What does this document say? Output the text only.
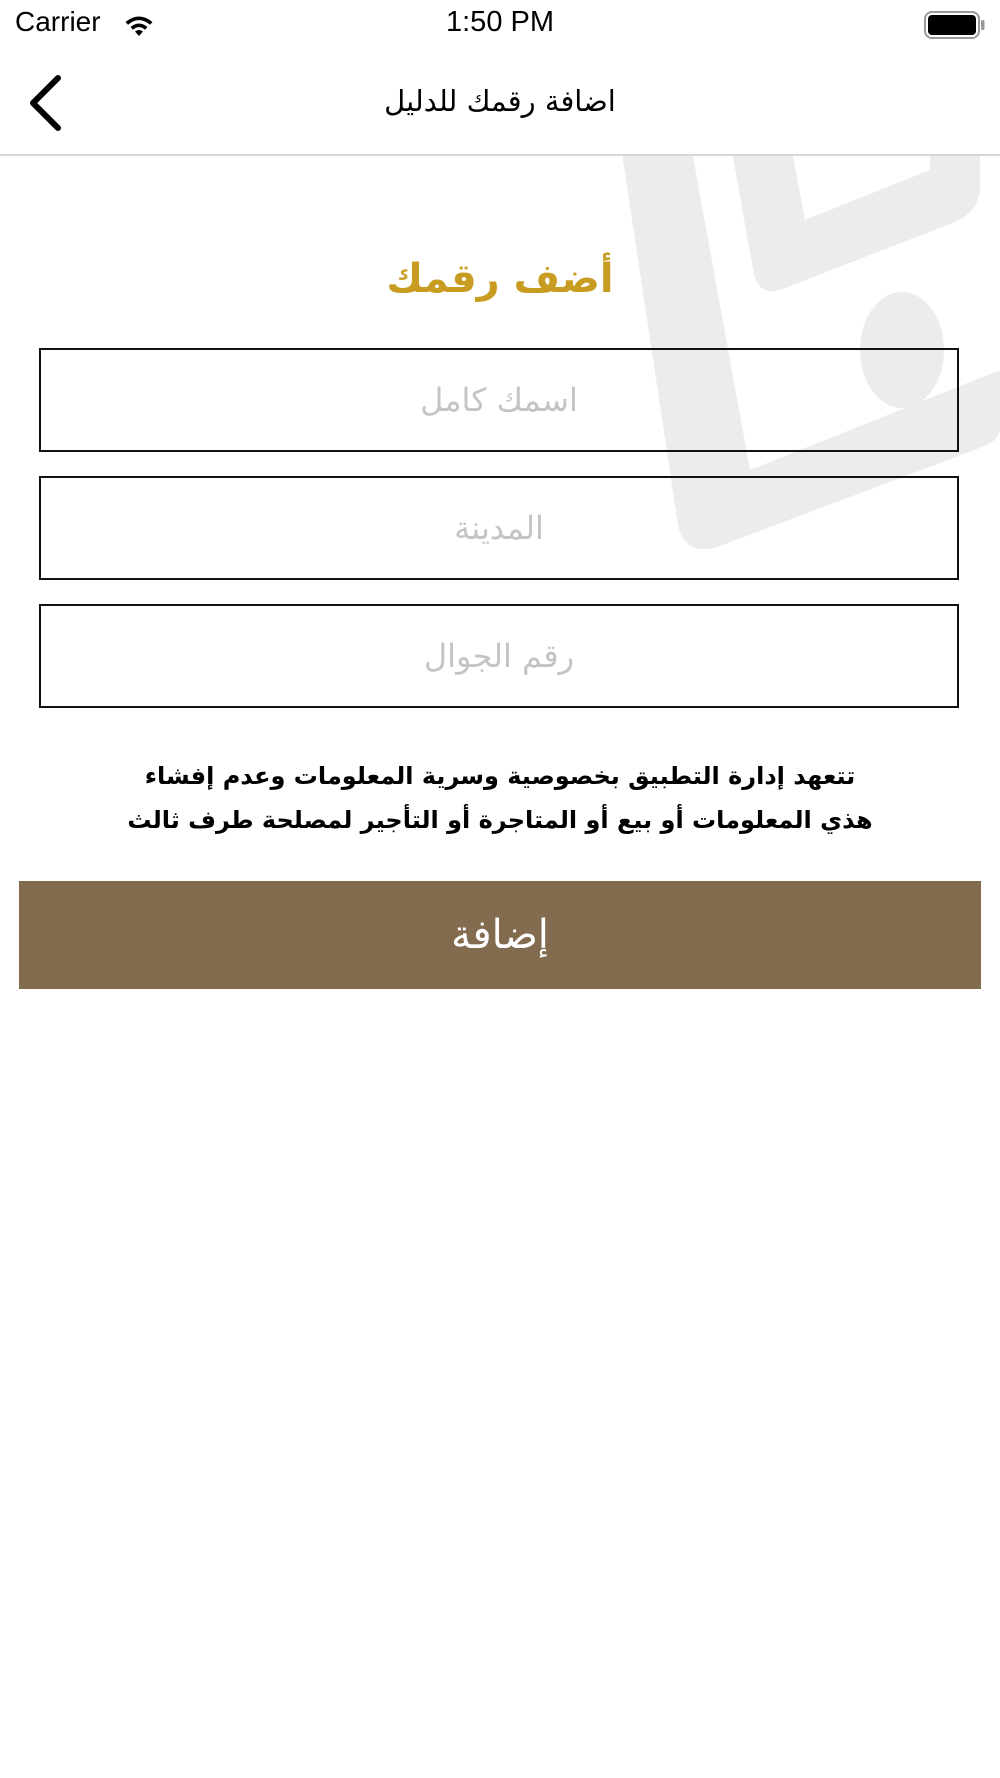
Carrier	1:50 PM
اضافة رقمك للدليل
أضف رقمك
اسمك كامل
المدينة
رقم الجوال
تتعهد إدارة التطبيق بخصوصية وسرية المعلومات وعدم إفشاء
هذي المعلومات أو بيع أو المتاجرة أو التأجير لمصلحة طرف ثالث
إضافة
